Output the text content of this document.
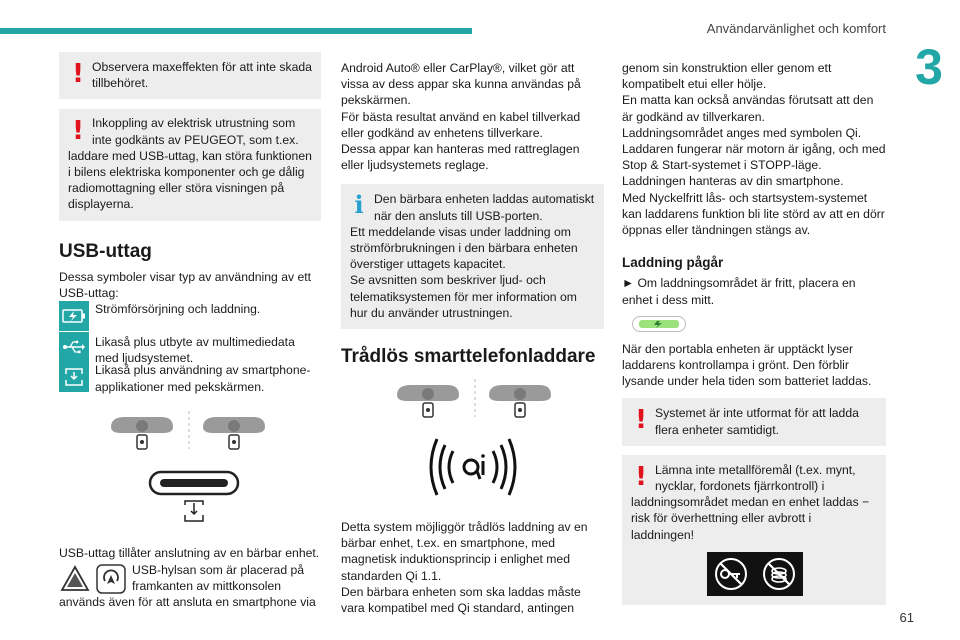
Användarvänlighet och komfort
3
61
! Observera maxeffekten för att inte skada tillbehöret.

! Inkoppling av elektrisk utrustning som inte godkänts av PEUGEOT, som t.ex.

laddare med USB-uttag, kan störa funktionen i bilens elektriska komponenter och ge dålig radiomottagning eller störa visningen på displayerna.

USB-uttag

Dessa symboler visar typ av användning av ett USB-uttag:

Strömförsörjning och laddning.

Likaså plus utbyte av multimediedata med ljudsystemet.

Likaså plus användning av smartphone-applikationer med pekskärmen.

USB-uttag tillåter anslutning av en bärbar enhet.

USB-hylsan som är placerad på framkanten av mittkonsolen

används även för att ansluta en smartphone via

Android Auto® eller CarPlay®, vilket gör att vissa av dess appar ska kunna användas på pekskärmen.

För bästa resultat använd en kabel tillverkad eller godkänd av enhetens tillverkare.

Dessa appar kan hanteras med rattreglagen eller ljudsystemets reglage.

i Den bärbara enheten laddas automatiskt när den ansluts till USB-porten.

Ett meddelande visas under laddning om strömförbrukningen i den bärbara enheten överstiger uttagets kapacitet.

Se avsnitten som beskriver ljud- och telematiksystemen för mer information om hur du använder utrustningen.

Trådlös smarttelefonladdare

Detta system möjliggör trådlös laddning av en bärbar enhet, t.ex. en smartphone, med magnetisk induktionsprincip i enlighet med standarden Qi 1.1.

Den bärbara enheten som ska laddas måste vara kompatibel med Qi standard, antingen

genom sin konstruktion eller genom ett kompatibelt etui eller hölje.

En matta kan också användas förutsatt att den är godkänd av tillverkaren.

Laddningsområdet anges med symbolen Qi.

Laddaren fungerar när motorn är igång, och med Stop & Start-systemet i STOPP-läge.

Laddningen hanteras av din smartphone.

Med Nyckelfritt lås- och startsystem-systemet kan laddarens funktion bli lite störd av att en dörr öppnas eller tändningen stängs av.

Laddning pågår

► Om laddningsområdet är fritt, placera en enhet i dess mitt.

När den portabla enheten är upptäckt lyser laddarens kontrollampa i grönt. Den förblir lysande under hela tiden som batteriet laddas.

! Systemet är inte utformat för att ladda flera enheter samtidigt.

! Lämna inte metallföremål (t.ex. mynt, nycklar, fordonets fjärrkontroll) i

laddningsområdet medan en enhet laddas − risk för överhettning eller avbrott i laddningen!
